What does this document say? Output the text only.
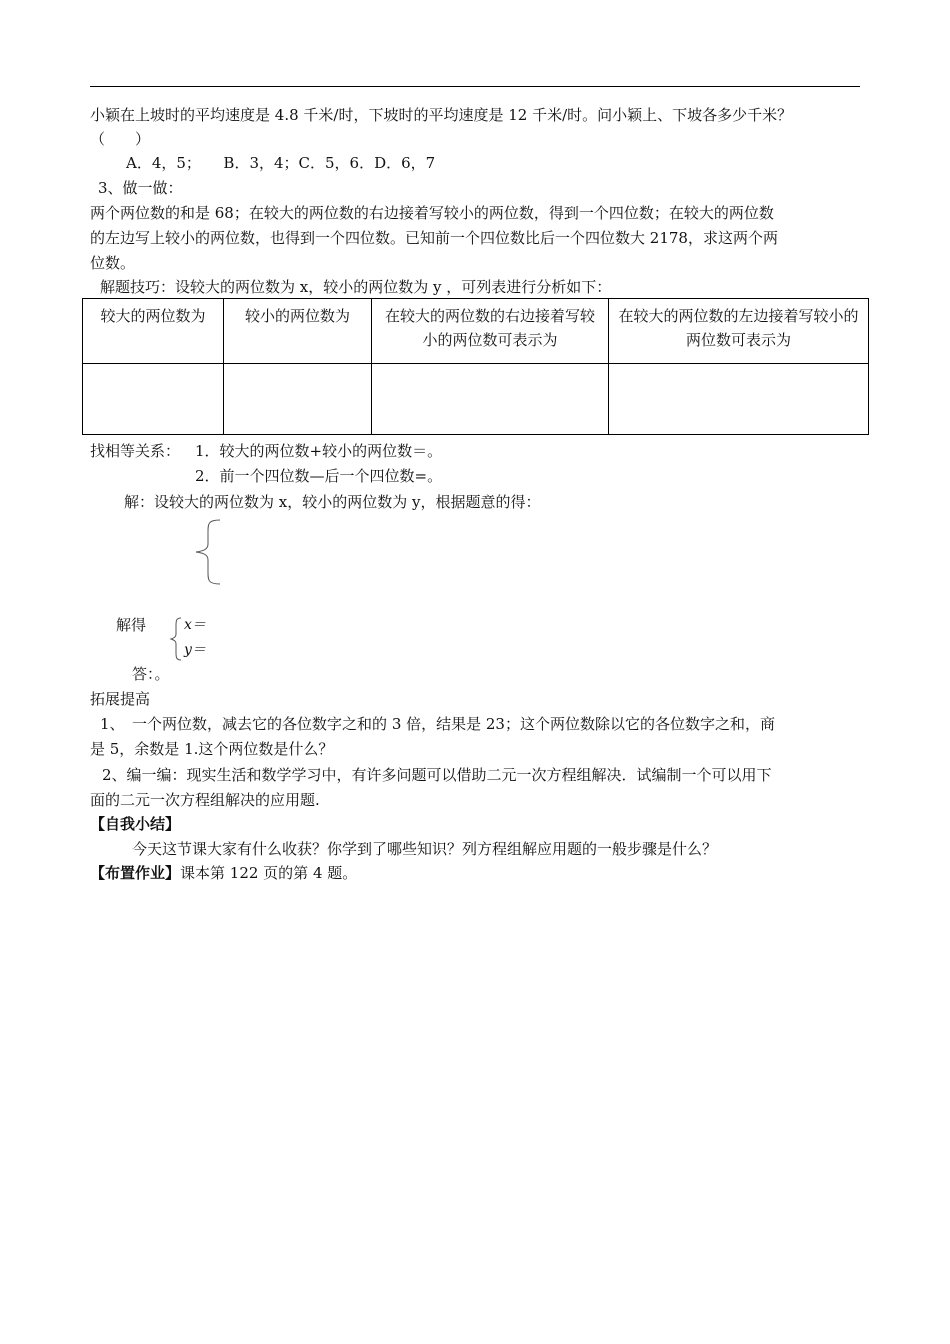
小颖在上坡时的平均速度是 4.8 千米/时，下坡时的平均速度是 12 千米/时。问小颖上、下坡各多少千米？
（　　）
A．4，5；　　B．3，4；C．5，6．D．6，7
3、做一做：
两个两位数的和是 68；在较大的两位数的右边接着写较小的两位数，得到一个四位数；在较大的两位数
的左边写上较小的两位数，也得到一个四位数。已知前一个四位数比后一个四位数大 2178，求这两个两
位数。
解题技巧：设较大的两位数为 x，较小的两位数为 y ，可列表进行分析如下：
较大的两位数为	较小的两位数为	在较大的两位数的右边接着写较小的两位数可表示为	在较大的两位数的左边接着写较小的两位数可表示为

找相等关系： 1．较大的两位数+较小的两位数＝。
2．前一个四位数—后一个四位数=。
解：设较大的两位数为 x，较小的两位数为 y，根据题意的得：
解得	x＝
y＝
答：。
拓展提高
1、　一个两位数，减去它的各位数字之和的 3 倍，结果是 23；这个两位数除以它的各位数字之和，商
是 5，余数是 1.这个两位数是什么？
2、编一编：现实生活和数学学习中，有许多问题可以借助二元一次方程组解决．试编制一个可以用下
面的二元一次方程组解决的应用题.
【自我小结】
今天这节课大家有什么收获？你学到了哪些知识？列方程组解应用题的一般步骤是什么？
【布置作业】课本第 122 页的第 4 题。
